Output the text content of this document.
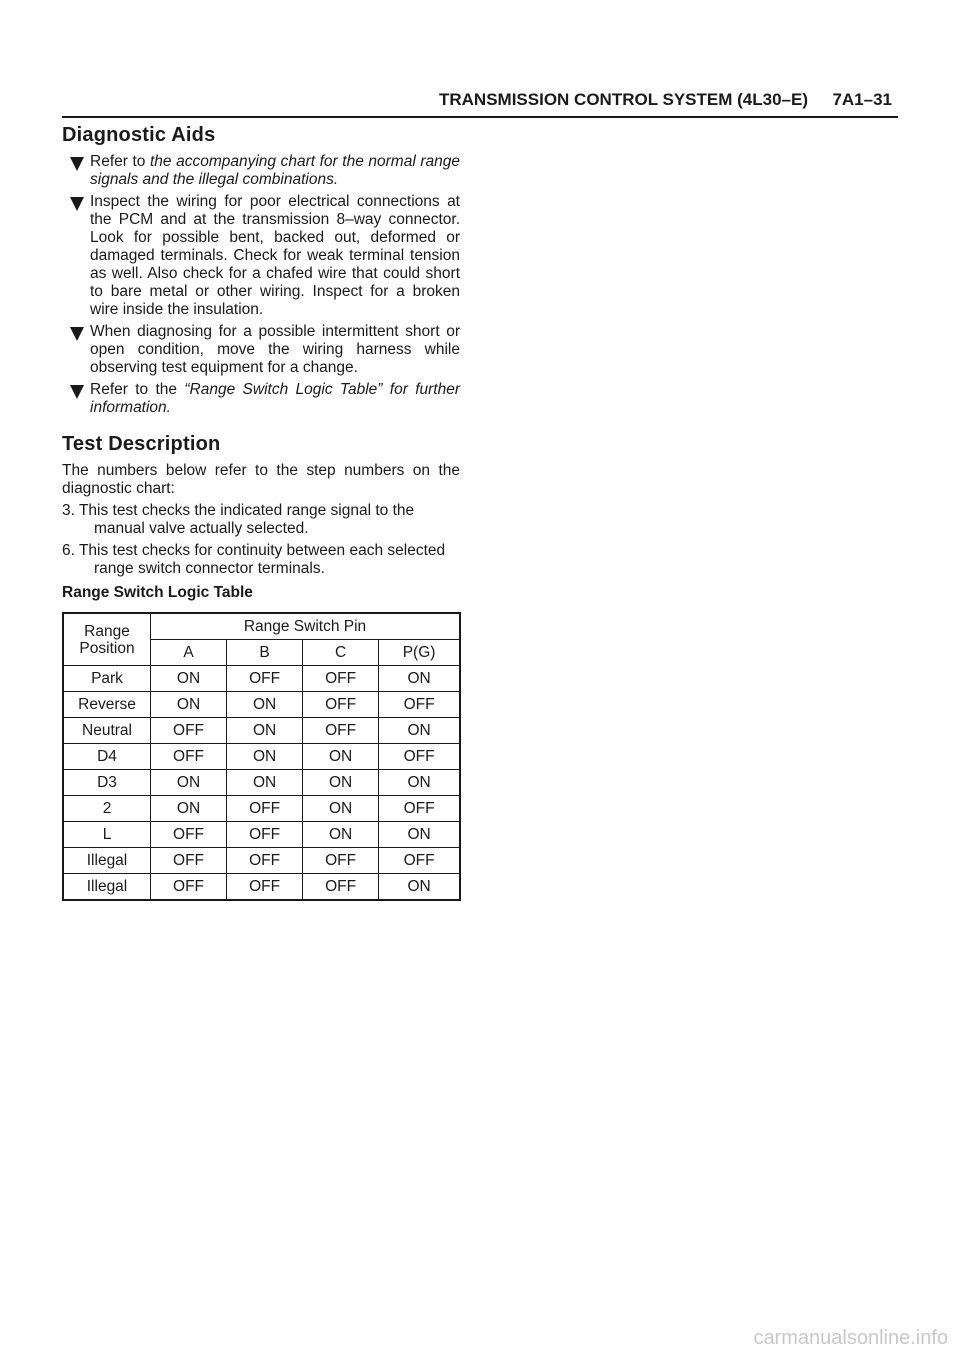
TRANSMISSION CONTROL SYSTEM (4L30–E) 7A1–31
Diagnostic Aids
Refer to the accompanying chart for the normal range signals and the illegal combinations.
Inspect the wiring for poor electrical connections at the PCM and at the transmission 8–way connector. Look for possible bent, backed out, deformed or damaged terminals. Check for weak terminal tension as well. Also check for a chafed wire that could short to bare metal or other wiring. Inspect for a broken wire inside the insulation.
When diagnosing for a possible intermittent short or open condition, move the wiring harness while observing test equipment for a change.
Refer to the “Range Switch Logic Table” for further information.
Test Description

The numbers below refer to the step numbers on the diagnostic chart:

3. This test checks the indicated range signal to the manual valve actually selected.
6. This test checks for continuity between each selected range switch connector terminals.
Range Switch Logic Table
Range Position	Range Switch Pin			
	A	B	C	P(G)
Park	ON	OFF	OFF	ON
Reverse	ON	ON	OFF	OFF
Neutral	OFF	ON	OFF	ON
D4	OFF	ON	ON	OFF
D3	ON	ON	ON	ON
2	ON	OFF	ON	OFF
L	OFF	OFF	ON	ON
Illegal	OFF	OFF	OFF	OFF
Illegal	OFF	OFF	OFF	ON
carmanualsonline.info
